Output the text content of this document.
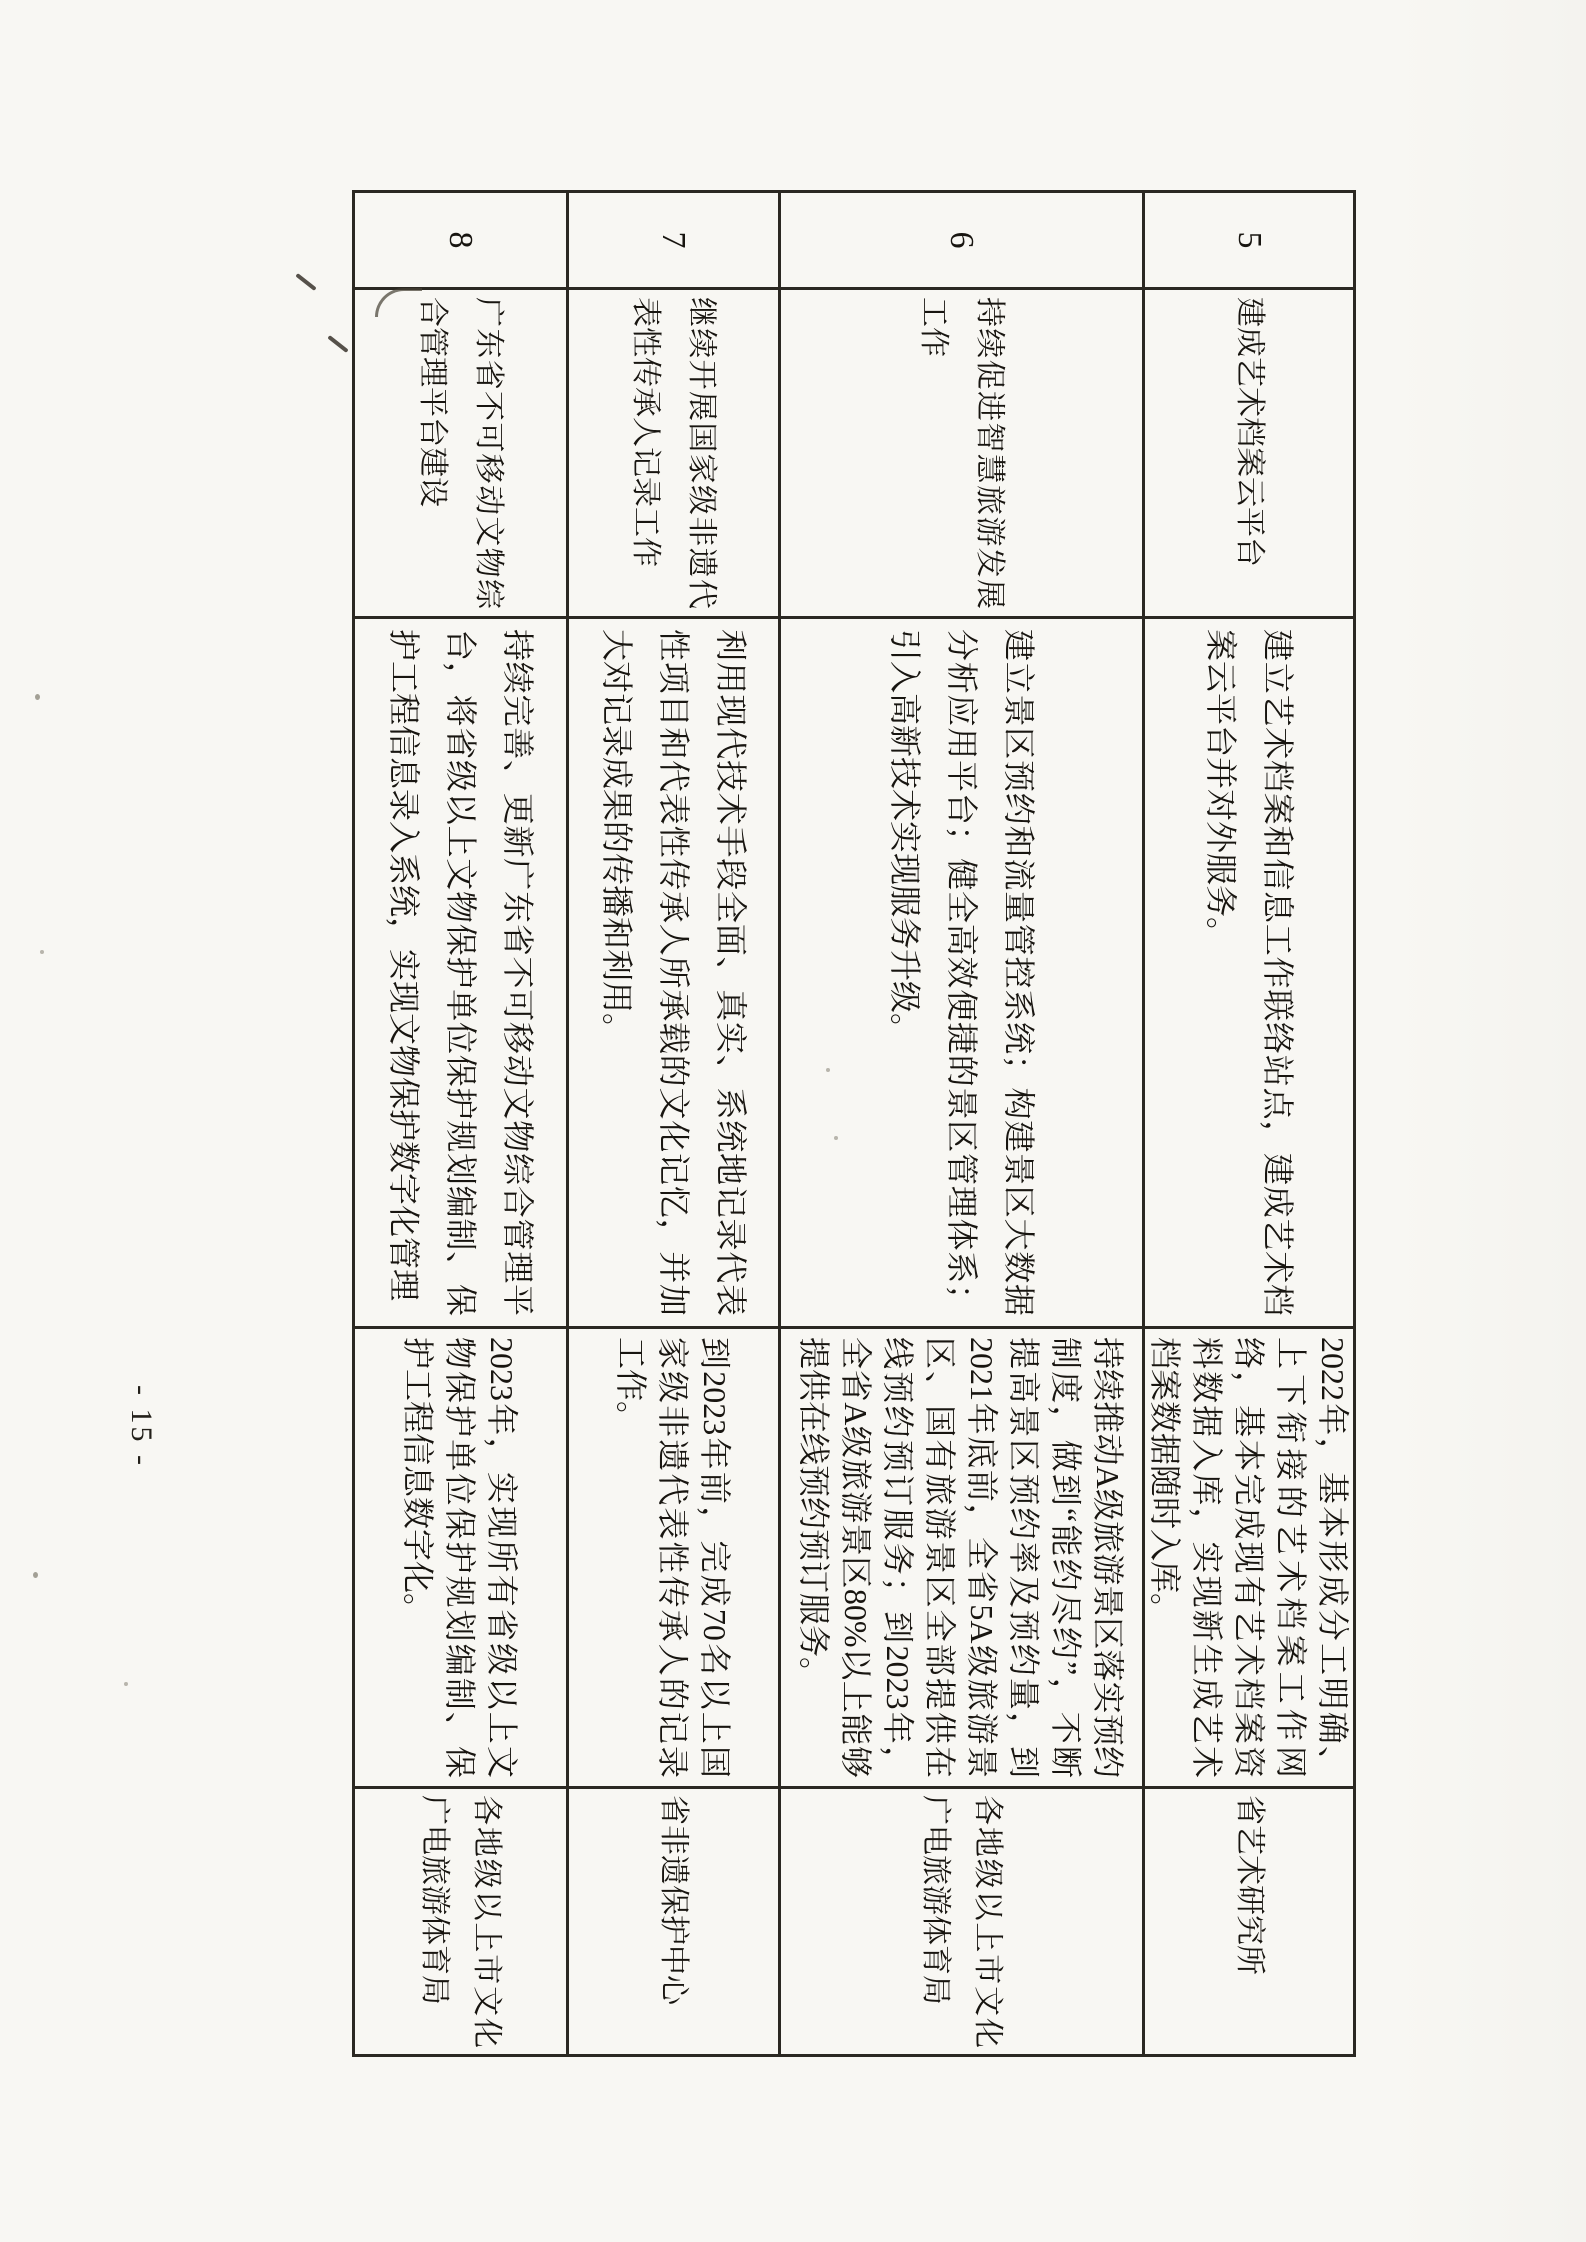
5
建成艺术档案云平台
建立艺术档案和信息工作联络站点，建成艺术档案云平台并对外服务。
2022年，基本形成分工明确、上下衔接的艺术档案工作网络，基本完成现有艺术档案资料数据入库，实现新生成艺术档案数据随时入库。
省艺术研究所
6
持续促进智慧旅游发展工作
建立景区预约和流量管控系统；构建景区大数据分析应用平台；健全高效便捷的景区管理体系；引入高新技术实现服务升级。
持续推动A级旅游景区落实预约制度，做到“能约尽约”，不断提高景区预约率及预约量，到2021年底前，全省5A级旅游景区、国有旅游景区全部提供在线预约预订服务；到2023年，全省A级旅游景区80%以上能够提供在线预约预订服务。
各地级以上市文化广电旅游体育局
7
继续开展国家级非遗代表性传承人记录工作
利用现代技术手段全面、真实、系统地记录代表性项目和代表性传承人所承载的文化记忆，并加大对记录成果的传播和利用。
到2023年前，完成70名以上国家级非遗代表性传承人的记录工作。
省非遗保护中心
8
广东省不可移动文物综合管理平台建设
持续完善、更新广东省不可移动文物综合管理平台，将省级以上文物保护单位保护规划编制、保护工程信息录入系统，实现文物保护数字化管理
2023年，实现所有省级以上文物保护单位保护规划编制、保护工程信息数字化。
各地级以上市文化广电旅游体育局
- 15 -
